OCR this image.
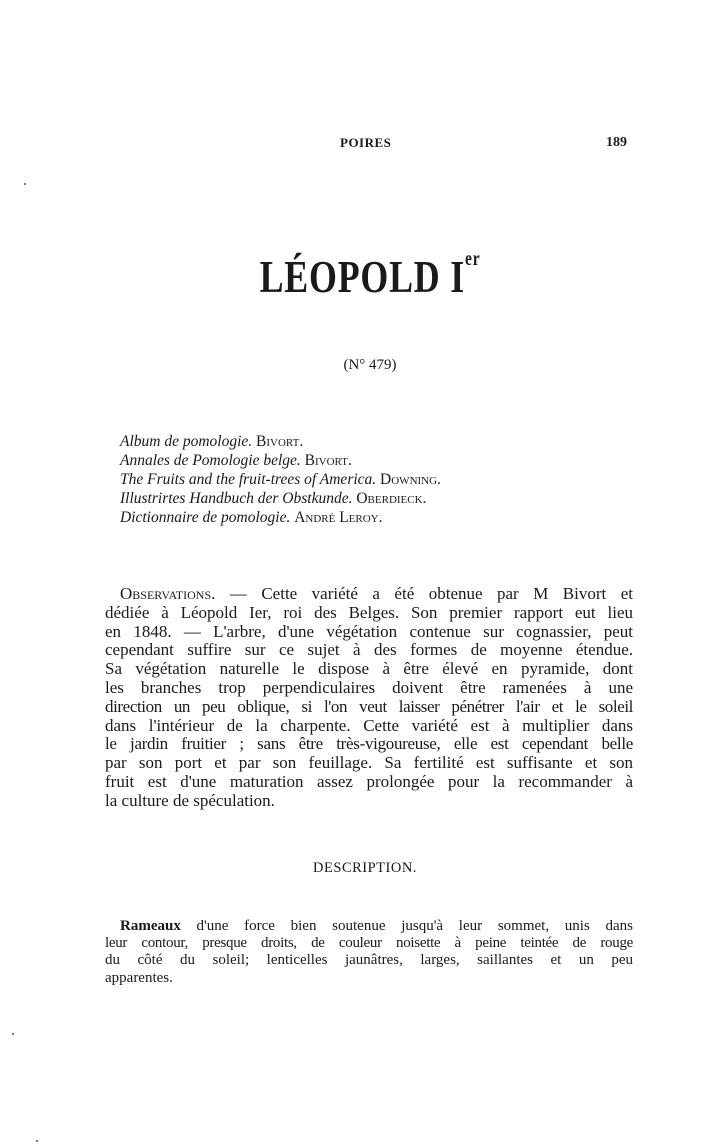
POIRES	189
LÉOPOLD Ier
(N° 479)
Album de pomologie. Bivort.
Annales de Pomologie belge. Bivort.
The Fruits and the fruit-trees of America. Downing.
Illustrirtes Handbuch der Obstkunde. Oberdieck.
Dictionnaire de pomologie. André Leroy.
Observations. — Cette variété a été obtenue par M Bivort et
dédiée à Léopold Ier, roi des Belges. Son premier rapport eut lieu
en 1848. — L'arbre, d'une végétation contenue sur cognassier, peut
cependant suffire sur ce sujet à des formes de moyenne étendue.
Sa végétation naturelle le dispose à être élevé en pyramide, dont
les branches trop perpendiculaires doivent être ramenées à une
direction un peu oblique, si l'on veut laisser pénétrer l'air et le soleil
dans l'intérieur de la charpente. Cette variété est à multiplier dans
le jardin fruitier ; sans être très-vigoureuse, elle est cependant belle
par son port et par son feuillage. Sa fertilité est suffisante et son
fruit est d'une maturation assez prolongée pour la recommander à
la culture de spéculation.
DESCRIPTION.
Rameaux d'une force bien soutenue jusqu'à leur sommet, unis dans
leur contour, presque droits, de couleur noisette à peine teintée de rouge
du côté du soleil; lenticelles jaunâtres, larges, saillantes et un peu
apparentes.
